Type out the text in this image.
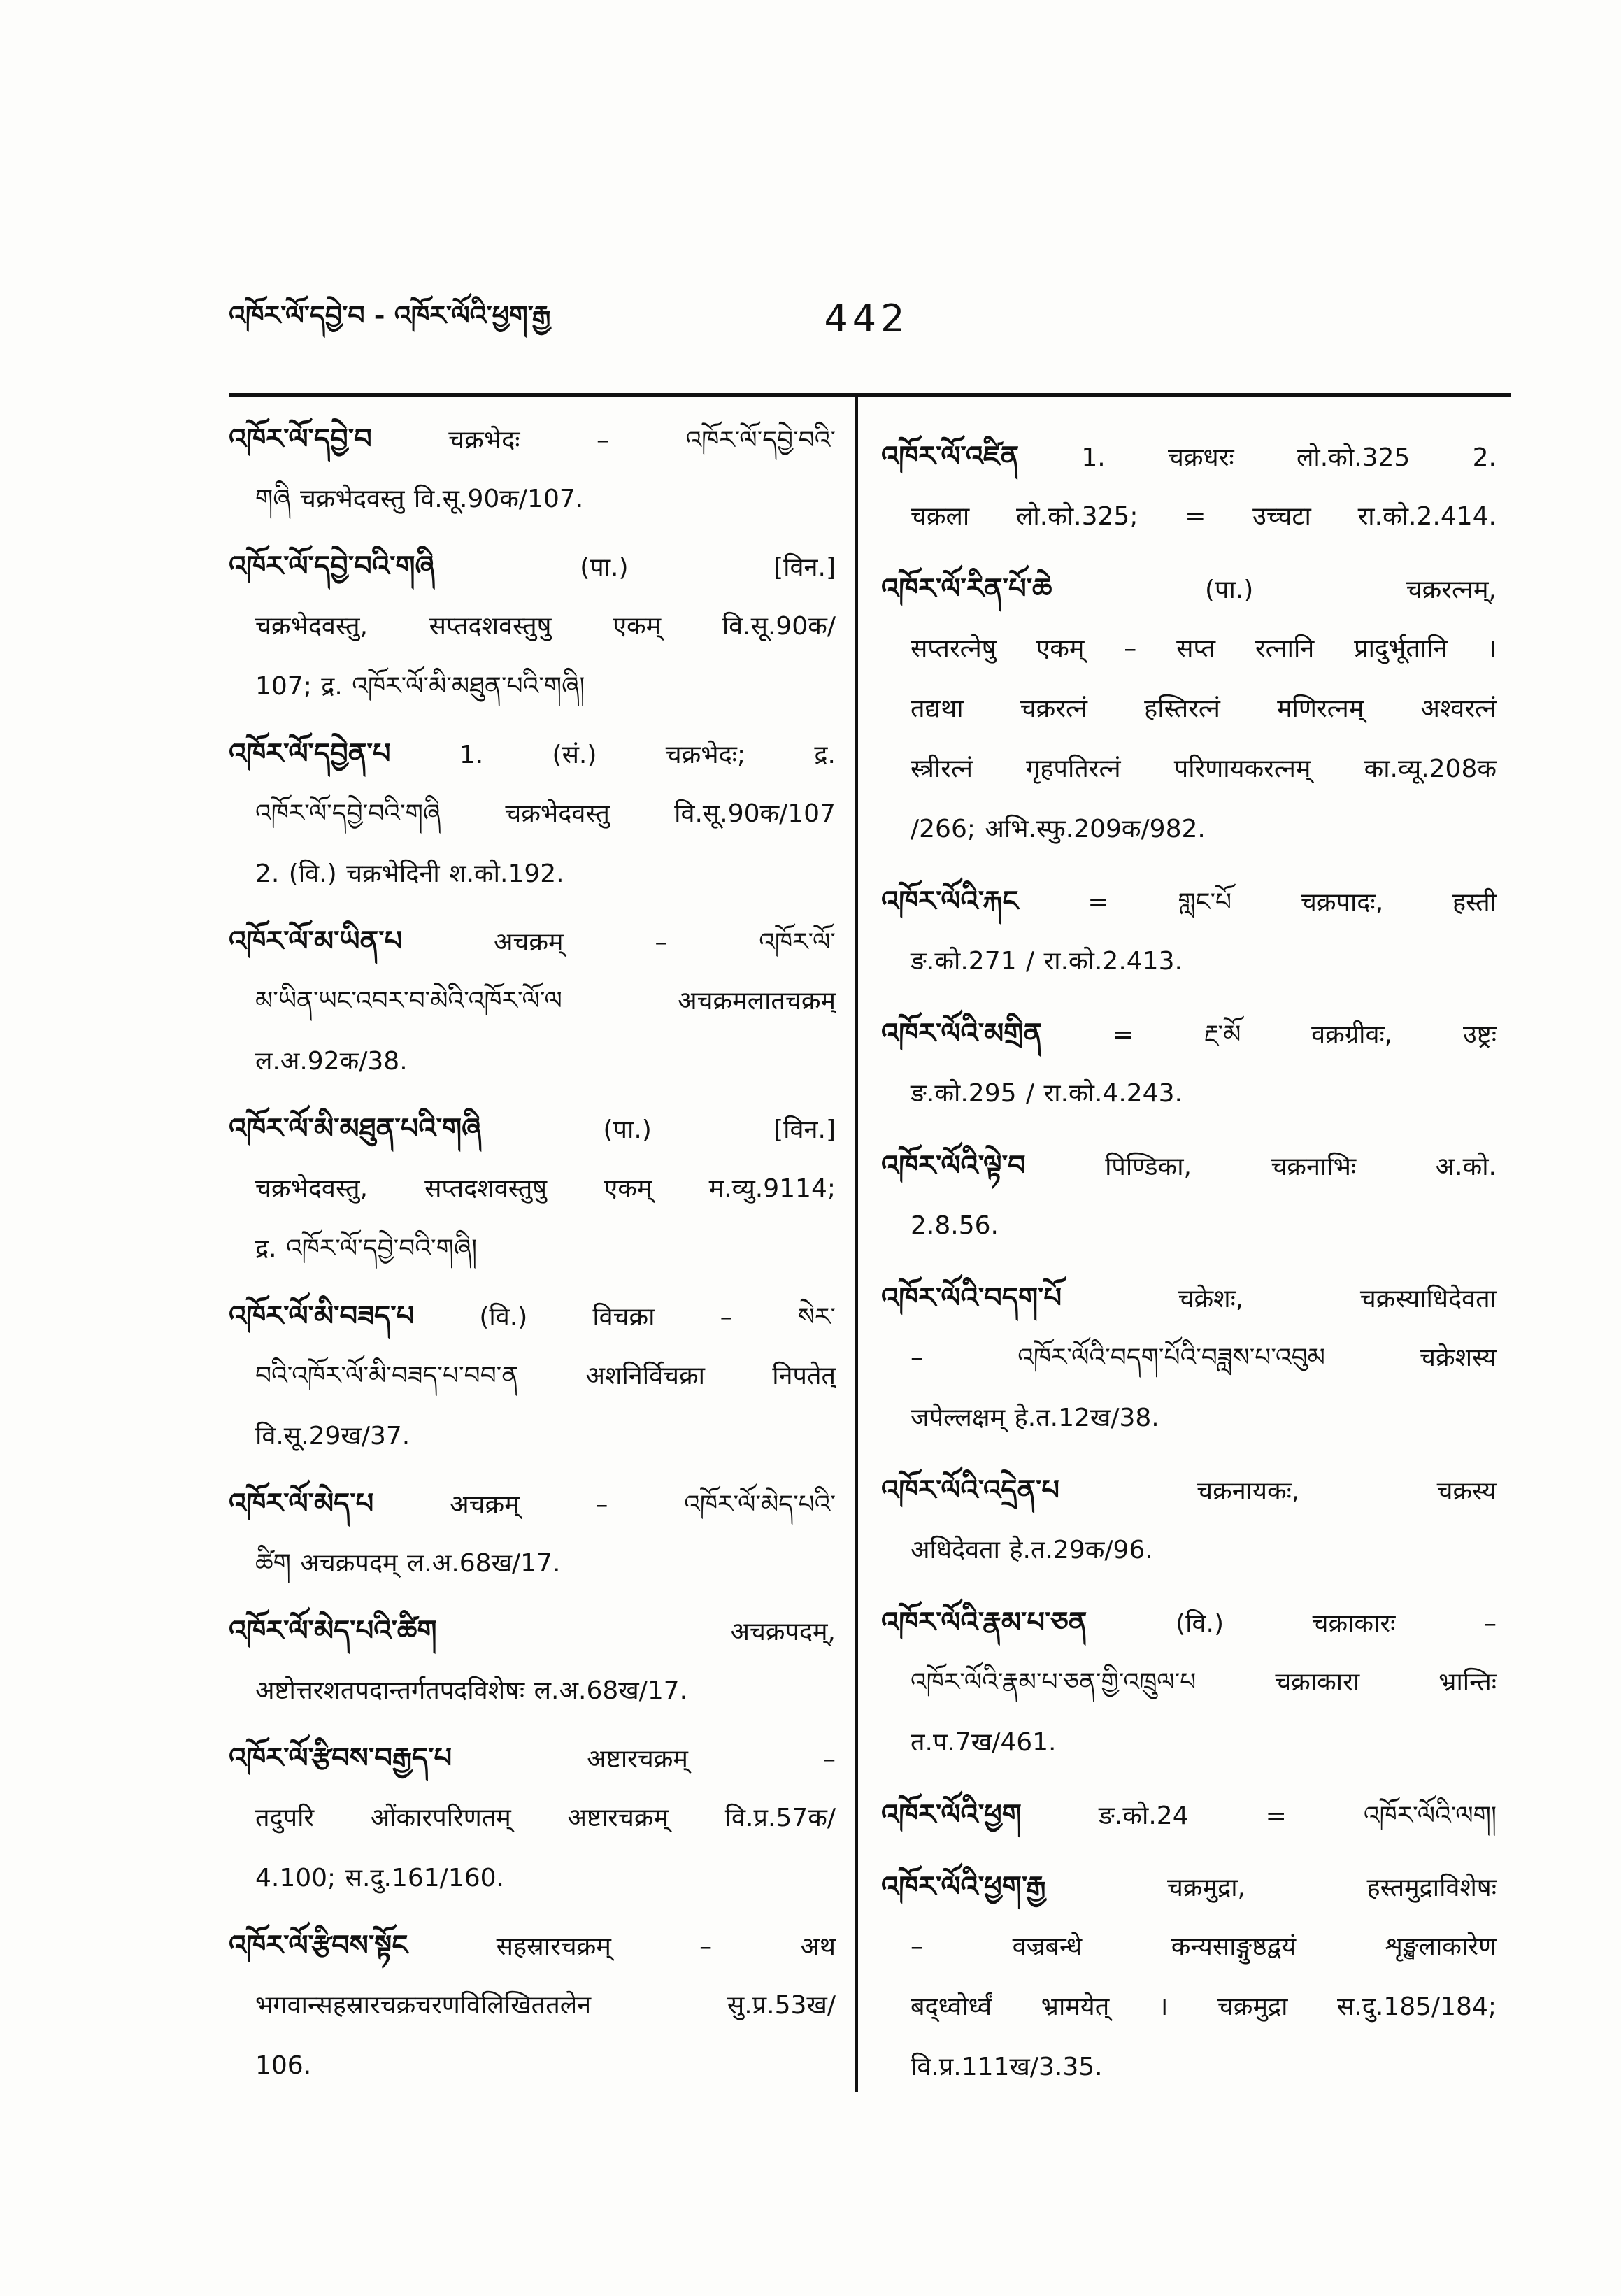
འཁོར་ལོ་དབྱེ་བ - འཁོར་ལོའི་ཕྱག་རྒྱ	442
འཁོར་ལོ་དབྱེ་བ	चक्रभेदः – འཁོར་ལོ་དབྱེ་བའི་
གཞི चक्रभेदवस्तु वि.सू.90क/107.
འཁོར་ལོ་དབྱེ་བའི་གཞི	(पा.) [विन.]
चक्रभेदवस्तु, सप्तदशवस्तुषु एकम् वि.सू.90क/
107; द्र. འཁོར་ལོ་མི་མཐུན་པའི་གཞི།
འཁོར་ལོ་དབྱེན་པ	1. (सं.) चक्रभेदः; द्र.
འཁོར་ལོ་དབྱེ་བའི་གཞི चक्रभेदवस्तु वि.सू.90क/107
2. (वि.) चक्रभेदिनी श.को.192.
འཁོར་ལོ་མ་ཡིན་པ	अचक्रम् – འཁོར་ལོ་
མ་ཡིན་ཡང་འབར་བ་མེའི་འཁོར་ལོ་ལ अचक्रमलातचक्रम्
ल.अ.92क/38.
འཁོར་ལོ་མི་མཐུན་པའི་གཞི	(पा.) [विन.]
चक्रभेदवस्तु, सप्तदशवस्तुषु एकम् म.व्यु.9114;
द्र. འཁོར་ལོ་དབྱེ་བའི་གཞི།
འཁོར་ལོ་མི་བཟད་པ	(वि.) विचक्रा – སེར་
བའི་འཁོར་ལོ་མི་བཟད་པ་བབ་ན अशनिर्विचक्रा निपतेत्
वि.सू.29ख/37.
འཁོར་ལོ་མེད་པ	अचक्रम् – འཁོར་ལོ་མེད་པའི་
ཚིག अचक्रपदम् ल.अ.68ख/17.
འཁོར་ལོ་མེད་པའི་ཚིག	अचक्रपदम्,
अष्टोत्तरशतपदान्तर्गतपदविशेषः ल.अ.68ख/17.
འཁོར་ལོ་རྩིབས་བརྒྱད་པ	अष्टारचक्रम् –
तदुपरि ओंकारपरिणतम् अष्टारचक्रम् वि.प्र.57क/
4.100; स.दु.161/160.
འཁོར་ལོ་རྩིབས་སྟོང	सहस्रारचक्रम् – अथ
भगवान्सहस्रारचक्रचरणविलिखिततलेन सु.प्र.53ख/
106.
འཁོར་ལོ་འཛིན 1. चक्रधरः लो.को.325 2.
चक्रला लो.को.325; = उच्चटा रा.को.2.414.
འཁོར་ལོ་རིན་པོ་ཆེ	(पा.) चक्ररत्नम्,
सप्तरत्नेषु एकम् – सप्त रत्नानि प्रादुर्भूतानि ।
तद्यथा चक्ररत्नं हस्तिरत्नं मणिरत्नम् अश्वरत्नं
स्त्रीरत्नं गृहपतिरत्नं परिणायकरत्नम् का.व्यू.208क
/266; अभि.स्फु.209क/982.
འཁོར་ལོའི་རྐང	= གླང་པོ चक्रपादः, हस्ती
ङ.को.271 / रा.को.2.413.
འཁོར་ལོའི་མགྲིན	= རྔ་མོ वक्रग्रीवः, उष्ट्रः
ङ.को.295 / रा.को.4.243.
འཁོར་ལོའི་ལྟེ་བ	पिण्डिका, चक्रनाभिः अ.को.
2.8.56.
འཁོར་ལོའི་བདག་པོ	चक्रेशः, चक्रस्याधिदेवता
– འཁོར་ལོའི་བདག་པོའི་བཟླས་པ་འབུམ चक्रेशस्य
जपेल्लक्षम् हे.त.12ख/38.
འཁོར་ལོའི་འདྲེན་པ	चक्रनायकः, चक्रस्य
अधिदेवता हे.त.29क/96.
འཁོར་ལོའི་རྣམ་པ་ཅན	(वि.) चक्राकारः –
འཁོར་ལོའི་རྣམ་པ་ཅན་གྱི་འཁྲུལ་པ चक्राकारा भ्रान्तिः
त.प.7ख/461.
འཁོར་ལོའི་ཕྱག	ङ.को.24 = འཁོར་ལོའི་ལག།
འཁོར་ལོའི་ཕྱག་རྒྱ	चक्रमुद्रा, हस्तमुद्राविशेषः
– वज्रबन्धे कन्यसाङ्गुष्ठद्वयं शृङ्खलाकारेण
बद्ध्वोर्ध्वं भ्रामयेत् । चक्रमुद्रा स.दु.185/184;
वि.प्र.111ख/3.35.
